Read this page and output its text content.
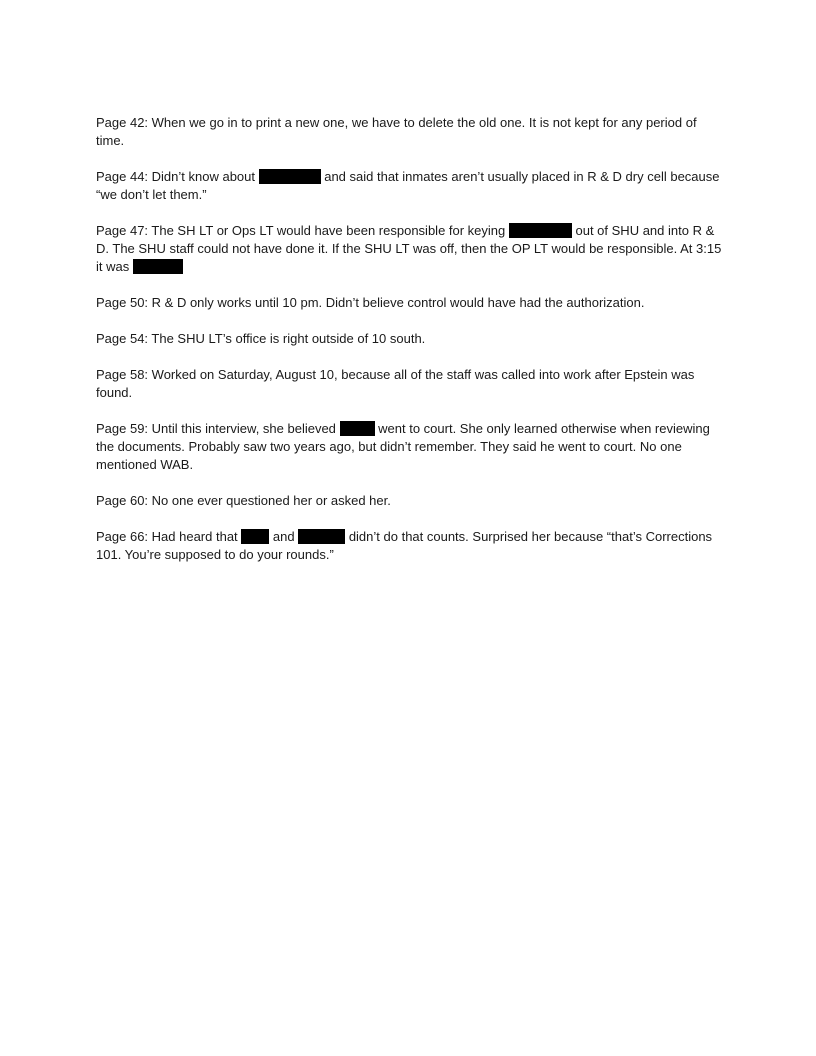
Page 42: When we go in to print a new one, we have to delete the old one. It is not kept for any period of time.

Page 44: Didn’t know about	and said that inmates aren’t usually placed in R & D dry cell because “we don’t let them.”

Page 47: The SH LT or Ops LT would have been responsible for keying	out of SHU and into R & D. The SHU staff could not have done it. If the SHU LT was off, then the OP LT would be responsible. At 3:15 it was

Page 50: R & D only works until 10 pm. Didn’t believe control would have had the authorization.

Page 54: The SHU LT’s office is right outside of 10 south.

Page 58: Worked on Saturday, August 10, because all of the staff was called into work after Epstein was found.

Page 59: Until this interview, she believed	went to court. She only learned otherwise when reviewing the documents. Probably saw two years ago, but didn’t remember. They said he went to court. No one mentioned WAB.

Page 60: No one ever questioned her or asked her.

Page 66: Had heard that  and	didn’t do that counts. Surprised her because “that’s Corrections 101. You’re supposed to do your rounds.”
